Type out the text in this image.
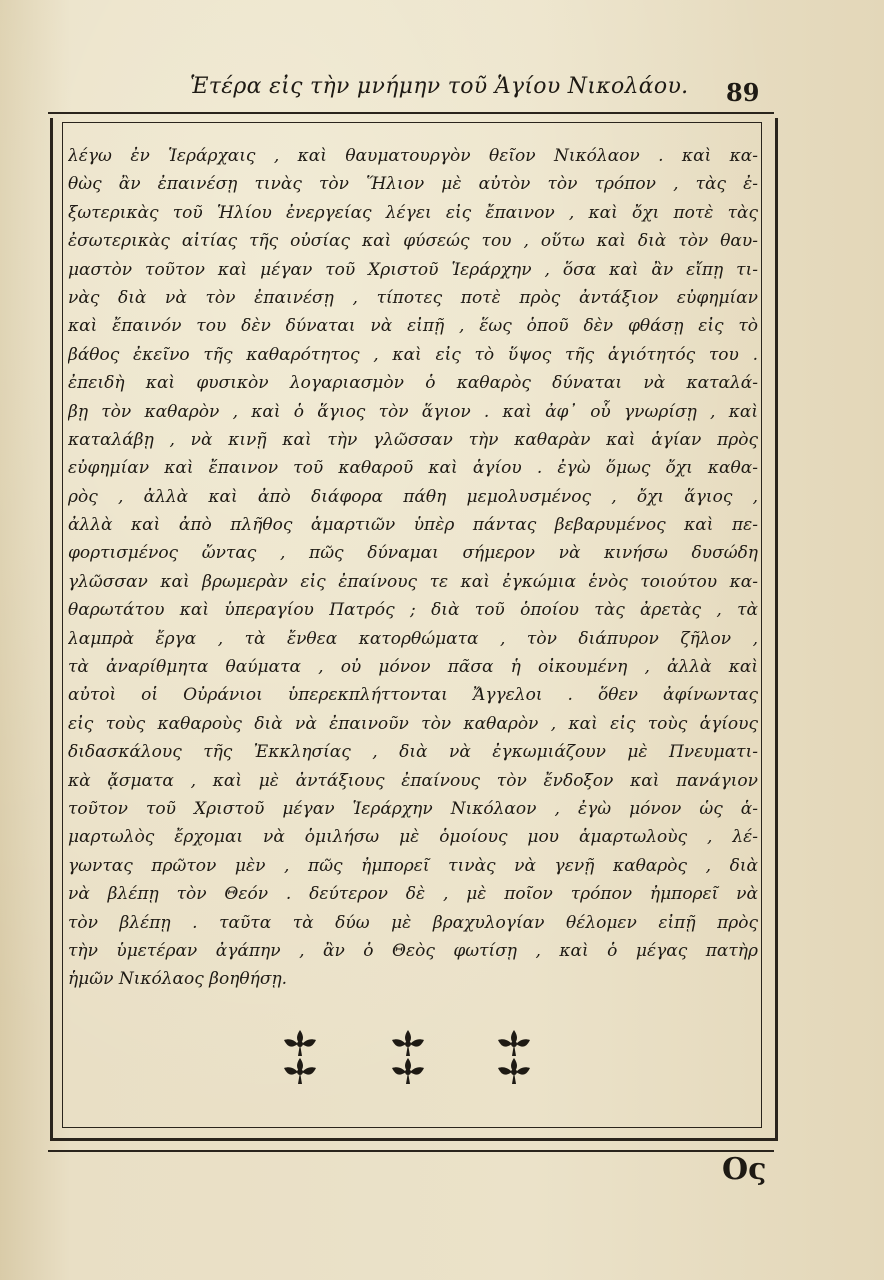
Ἑτέρα εἰς τὴν μνήμην τοῦ Ἁγίου Νικολάου. 89
λέγω ἐν Ἱεράρχαις , καὶ θαυματουργὸν θεῖον Νικόλαον . καὶ κα-
θὼς ἂν ἐπαινέσῃ τινὰς τὸν Ἥλιον μὲ αὐτὸν τὸν τρόπον , τὰς ἐ-
ξωτερικὰς τοῦ Ἡλίου ἐνεργείας λέγει εἰς ἔπαινον , καὶ ὄχι ποτὲ τὰς
ἐσωτερικὰς αἰτίας τῆς οὐσίας καὶ φύσεώς του , οὕτω καὶ διὰ τὸν θαυ-
μαστὸν τοῦτον καὶ μέγαν τοῦ Χριστοῦ Ἱεράρχην , ὅσα καὶ ἂν εἴπῃ τι-
νὰς διὰ νὰ τὸν ἐπαινέσῃ , τίποτες ποτὲ πρὸς ἀντάξιον εὐφημίαν
καὶ ἔπαινόν του δὲν δύναται νὰ εἰπῇ , ἕως ὁποῦ δὲν φθάσῃ εἰς τὸ
βάθος ἐκεῖνο τῆς καθαρότητος , καὶ εἰς τὸ ὕψος τῆς ἁγιότητός του .
ἐπειδὴ καὶ φυσικὸν λογαριασμὸν ὁ καθαρὸς δύναται νὰ καταλά-
βῃ τὸν καθαρὸν , καὶ ὁ ἅγιος τὸν ἅγιον . καὶ ἀφ᾽ οὗ γνωρίσῃ , καὶ
καταλάβῃ , νὰ κινῇ καὶ τὴν γλῶσσαν τὴν καθαρὰν καὶ ἁγίαν πρὸς
εὐφημίαν καὶ ἔπαινον τοῦ καθαροῦ καὶ ἁγίου . ἐγὼ ὅμως ὄχι καθα-
ρὸς , ἀλλὰ καὶ ἀπὸ διάφορα πάθη μεμολυσμένος , ὄχι ἅγιος ,
ἀλλὰ καὶ ἀπὸ πλῆθος ἁμαρτιῶν ὑπὲρ πάντας βεβαρυμένος καὶ πε-
φορτισμένος ὤντας , πῶς δύναμαι σήμερον νὰ κινήσω δυσώδη
γλῶσσαν καὶ βρωμερὰν εἰς ἐπαίνους τε καὶ ἐγκώμια ἑνὸς τοιούτου κα-
θαρωτάτου καὶ ὑπεραγίου Πατρός ; διὰ τοῦ ὁποίου τὰς ἀρετὰς , τὰ
λαμπρὰ ἔργα , τὰ ἔνθεα κατορθώματα , τὸν διάπυρον ζῆλον ,
τὰ ἀναρίθμητα θαύματα , οὐ μόνον πᾶσα ἡ οἰκουμένη , ἀλλὰ καὶ
αὐτοὶ οἱ Οὐράνιοι ὑπερεκπλήττονται Ἄγγελοι . ὅθεν ἀφίνωντας
εἰς τοὺς καθαροὺς διὰ νὰ ἐπαινοῦν τὸν καθαρὸν , καὶ εἰς τοὺς ἁγίους
διδασκάλους τῆς Ἐκκλησίας , διὰ νὰ ἐγκωμιάζουν μὲ Πνευματι-
κὰ ᾄσματα , καὶ μὲ ἀντάξιους ἐπαίνους τὸν ἔνδοξον καὶ πανάγιον
τοῦτον τοῦ Χριστοῦ μέγαν Ἱεράρχην Νικόλαον , ἐγὼ μόνον ὡς ἁ-
μαρτωλὸς ἔρχομαι νὰ ὁμιλήσω μὲ ὁμοίους μου ἁμαρτωλοὺς , λέ-
γωντας πρῶτον μὲν , πῶς ἠμπορεῖ τινὰς νὰ γενῇ καθαρὸς , διὰ
νὰ βλέπῃ τὸν Θεόν . δεύτερον δὲ , μὲ ποῖον τρόπον ἠμπορεῖ νὰ
τὸν βλέπῃ . ταῦτα τὰ δύω μὲ βραχυλογίαν θέλομεν εἰπῇ πρὸς
τὴν ὑμετέραν ἀγάπην , ἂν ὁ Θεὸς φωτίσῃ , καὶ ὁ μέγας πατὴρ
ἡμῶν Νικόλαος βοηθήσῃ.
Ος
